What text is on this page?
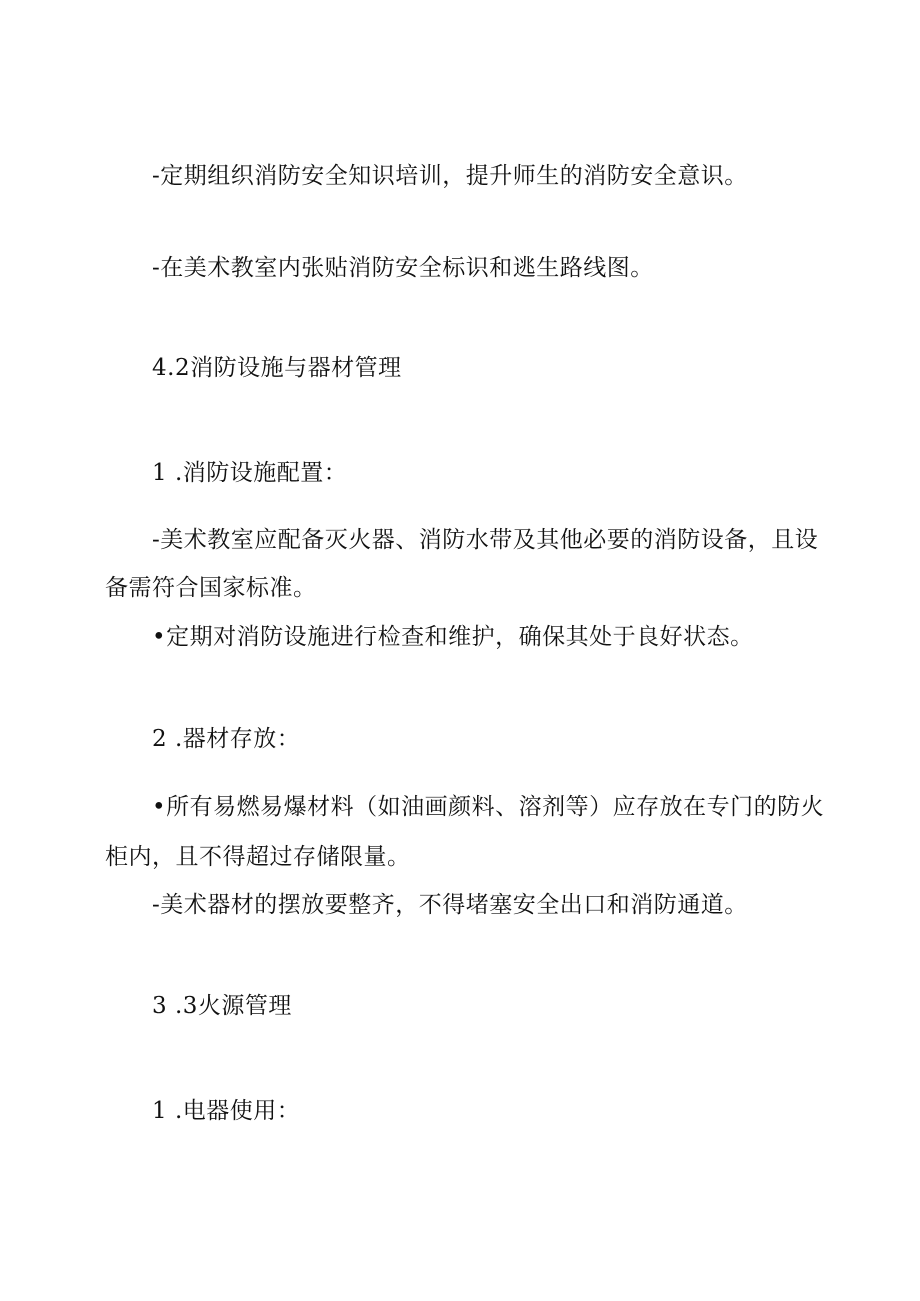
-定期组织消防安全知识培训，提升师生的消防安全意识。
-在美术教室内张贴消防安全标识和逃生路线图。
4.2消防设施与器材管理
1 .消防设施配置：
-美术教室应配备灭火器、消防水带及其他必要的消防设备，且设
备需符合国家标准。
•定期对消防设施进行检查和维护，确保其处于良好状态。
2 .器材存放：
•所有易燃易爆材料（如油画颜料、溶剂等）应存放在专门的防火
柜内，且不得超过存储限量。
-美术器材的摆放要整齐，不得堵塞安全出口和消防通道。
3 .3火源管理
1 .电器使用：
